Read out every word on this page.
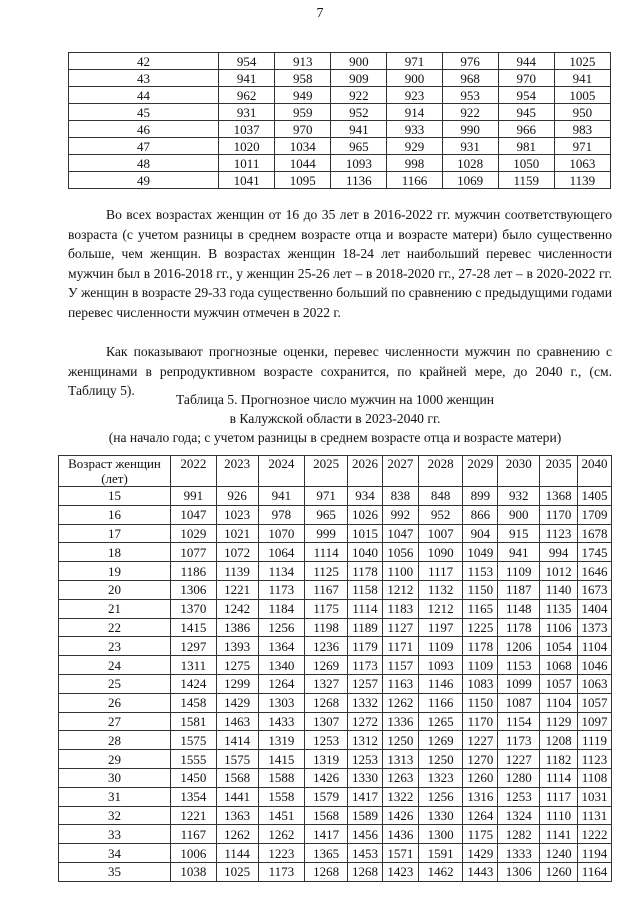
7
42	954	913	900	971	976	944	1025
43	941	958	909	900	968	970	941
44	962	949	922	923	953	954	1005
45	931	959	952	914	922	945	950
46	1037	970	941	933	990	966	983
47	1020	1034	965	929	931	981	971
48	1011	1044	1093	998	1028	1050	1063
49	1041	1095	1136	1166	1069	1159	1139

Во всех возрастах женщин от 16 до 35 лет в 2016-2022 гг. мужчин соответствующего возраста (с учетом разницы в среднем возрасте отца и возрасте матери) было существенно больше, чем женщин. В возрастах женщин 18-24 лет наибольший перевес численности мужчин был в 2016-2018 гг., у женщин 25-26 лет – в 2018-2020 гг., 27-28 лет – в 2020-2022 гг. У женщин в возрасте 29-33 года существенно больший по сравнению с предыдущими годами перевес численности мужчин отмечен в 2022 г.

Как показывают прогнозные оценки, перевес численности мужчин по сравнению с женщинами в репродуктивном возрасте сохранится, по крайней мере, до 2040 г., (см. Таблицу 5).

Таблица 5. Прогнозное число мужчин на 1000 женщин
в Калужской области в 2023-2040 гг.
(на начало года; с учетом разницы в среднем возрасте отца и возрасте матери)
Возраст женщин (лет)	2022	2023	2024	2025	2026	2027	2028	2029	2030	2035	2040
15	991	926	941	971	934	838	848	899	932	1368	1405
16	1047	1023	978	965	1026	992	952	866	900	1170	1709
17	1029	1021	1070	999	1015	1047	1007	904	915	1123	1678
18	1077	1072	1064	1114	1040	1056	1090	1049	941	994	1745
19	1186	1139	1134	1125	1178	1100	1117	1153	1109	1012	1646
20	1306	1221	1173	1167	1158	1212	1132	1150	1187	1140	1673
21	1370	1242	1184	1175	1114	1183	1212	1165	1148	1135	1404
22	1415	1386	1256	1198	1189	1127	1197	1225	1178	1106	1373
23	1297	1393	1364	1236	1179	1171	1109	1178	1206	1054	1104
24	1311	1275	1340	1269	1173	1157	1093	1109	1153	1068	1046
25	1424	1299	1264	1327	1257	1163	1146	1083	1099	1057	1063
26	1458	1429	1303	1268	1332	1262	1166	1150	1087	1104	1057
27	1581	1463	1433	1307	1272	1336	1265	1170	1154	1129	1097
28	1575	1414	1319	1253	1312	1250	1269	1227	1173	1208	1119
29	1555	1575	1415	1319	1253	1313	1250	1270	1227	1182	1123
30	1450	1568	1588	1426	1330	1263	1323	1260	1280	1114	1108
31	1354	1441	1558	1579	1417	1322	1256	1316	1253	1117	1031
32	1221	1363	1451	1568	1589	1426	1330	1264	1324	1110	1131
33	1167	1262	1262	1417	1456	1436	1300	1175	1282	1141	1222
34	1006	1144	1223	1365	1453	1571	1591	1429	1333	1240	1194
35	1038	1025	1173	1268	1268	1423	1462	1443	1306	1260	1164
